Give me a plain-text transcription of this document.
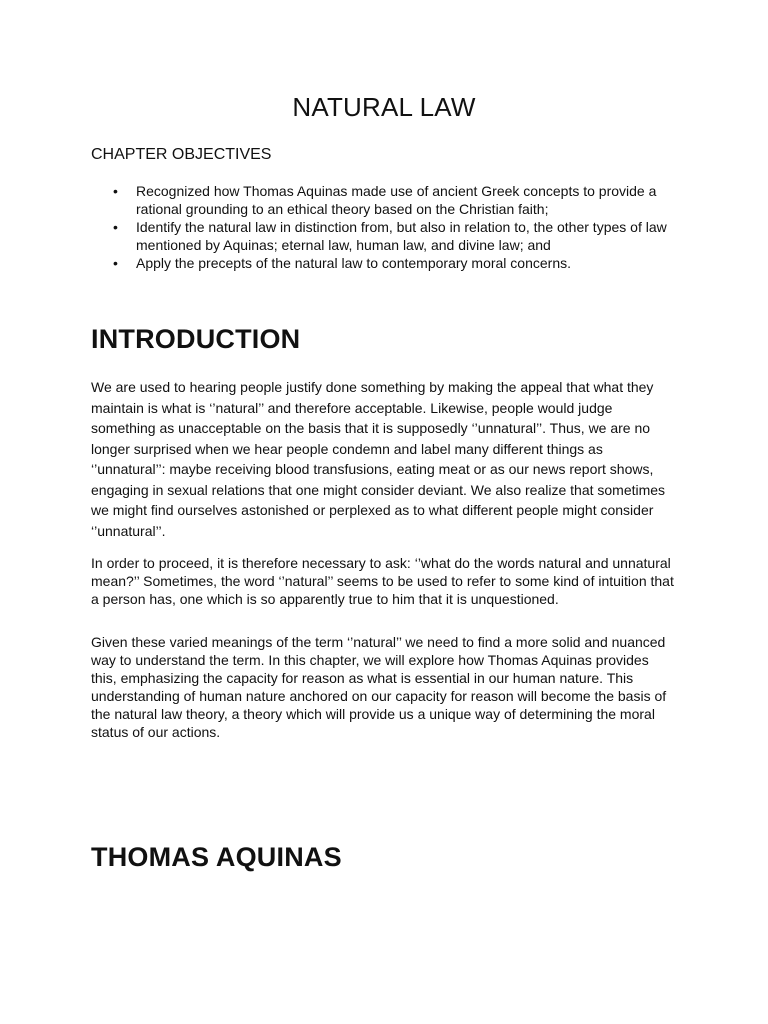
NATURAL LAW
CHAPTER OBJECTIVES
• Recognized how Thomas Aquinas made use of ancient Greek concepts to provide a rational grounding to an ethical theory based on the Christian faith;
• Identify the natural law in distinction from, but also in relation to, the other types of law mentioned by Aquinas; eternal law, human law, and divine law; and
• Apply the precepts of the natural law to contemporary moral concerns.
INTRODUCTION

We are used to hearing people justify done something by making the appeal that what they maintain is what is ‘’natural’’ and therefore acceptable. Likewise, people would judge something as unacceptable on the basis that it is supposedly ‘’unnatural’’. Thus, we are no longer surprised when we hear people condemn and label many different things as ‘’unnatural’’: maybe receiving blood transfusions, eating meat or as our news report shows, engaging in sexual relations that one might consider deviant. We also realize that sometimes we might find ourselves astonished or perplexed as to what different people might consider ‘’unnatural’’.

In order to proceed, it is therefore necessary to ask: ‘’what do the words natural and unnatural mean?’’ Sometimes, the word ‘’natural’’ seems to be used to refer to some kind of intuition that a person has, one which is so apparently true to him that it is unquestioned.

Given these varied meanings of the term ‘’natural’’ we need to find a more solid and nuanced way to understand the term. In this chapter, we will explore how Thomas Aquinas provides this, emphasizing the capacity for reason as what is essential in our human nature. This understanding of human nature anchored on our capacity for reason will become the basis of the natural law theory, a theory which will provide us a unique way of determining the moral status of our actions.

THOMAS AQUINAS
